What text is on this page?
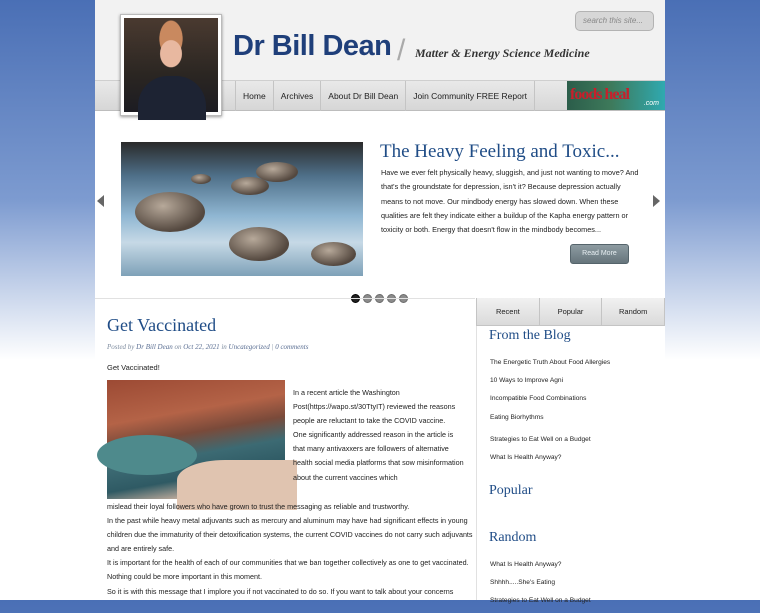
Dr Bill Dean / Matter & Energy Science Medicine
search this site...
Home	Archives	About Dr Bill Dean	Join Community FREE Report	foods heal
.com
The Heavy Feeling and Toxic...
Have we ever felt physically heavy, sluggish, and just not wanting to move? And that's the groundstate for depression, isn't it? Because depression actually means to not move. Our mindbody energy has slowed down. When these qualities are felt they indicate either a buildup of the Kapha energy pattern or toxicity or both. Energy that doesn't flow in the mindbody becomes...
Read More
Get Vaccinated
Posted by Dr Bill Dean on Oct 22, 2021 in Uncategorized | 0 comments
Get Vaccinated!

In a recent article the Washington Post(https://wapo.st/30TtyIT) reviewed the reasons people are reluctant to take the COVID vaccine.

One significantly addressed reason in the article is that many antivaxxers are followers of alternative health social media platforms that sow misinformation about the current vaccines which

mislead their loyal followers who have grown to trust the messaging as reliable and trustworthy.

In the past while heavy metal adjuvants such as mercury and aluminum may have had significant effects in young children due the immaturity of their detoxification systems, the current COVID vaccines do not carry such adjuvants and are entirely safe.

It is important for the health of each of our communities that we ban together collectively as one to get vaccinated. Nothing could be more important in this moment.

So it is with this message that I implore you if not vaccinated to do so. If you want to talk about your concerns

Recent	Popular	Random
From the Blog
The Energetic Truth About Food Allergies
10 Ways to Improve Agni
Incompatible Food Combinations
Eating Biorhythms
Strategies to Eat Well on a Budget
What Is Health Anyway?
Popular
Random
What Is Health Anyway?
Shhhh.....She's Eating
Strategies to Eat Well on a Budget
